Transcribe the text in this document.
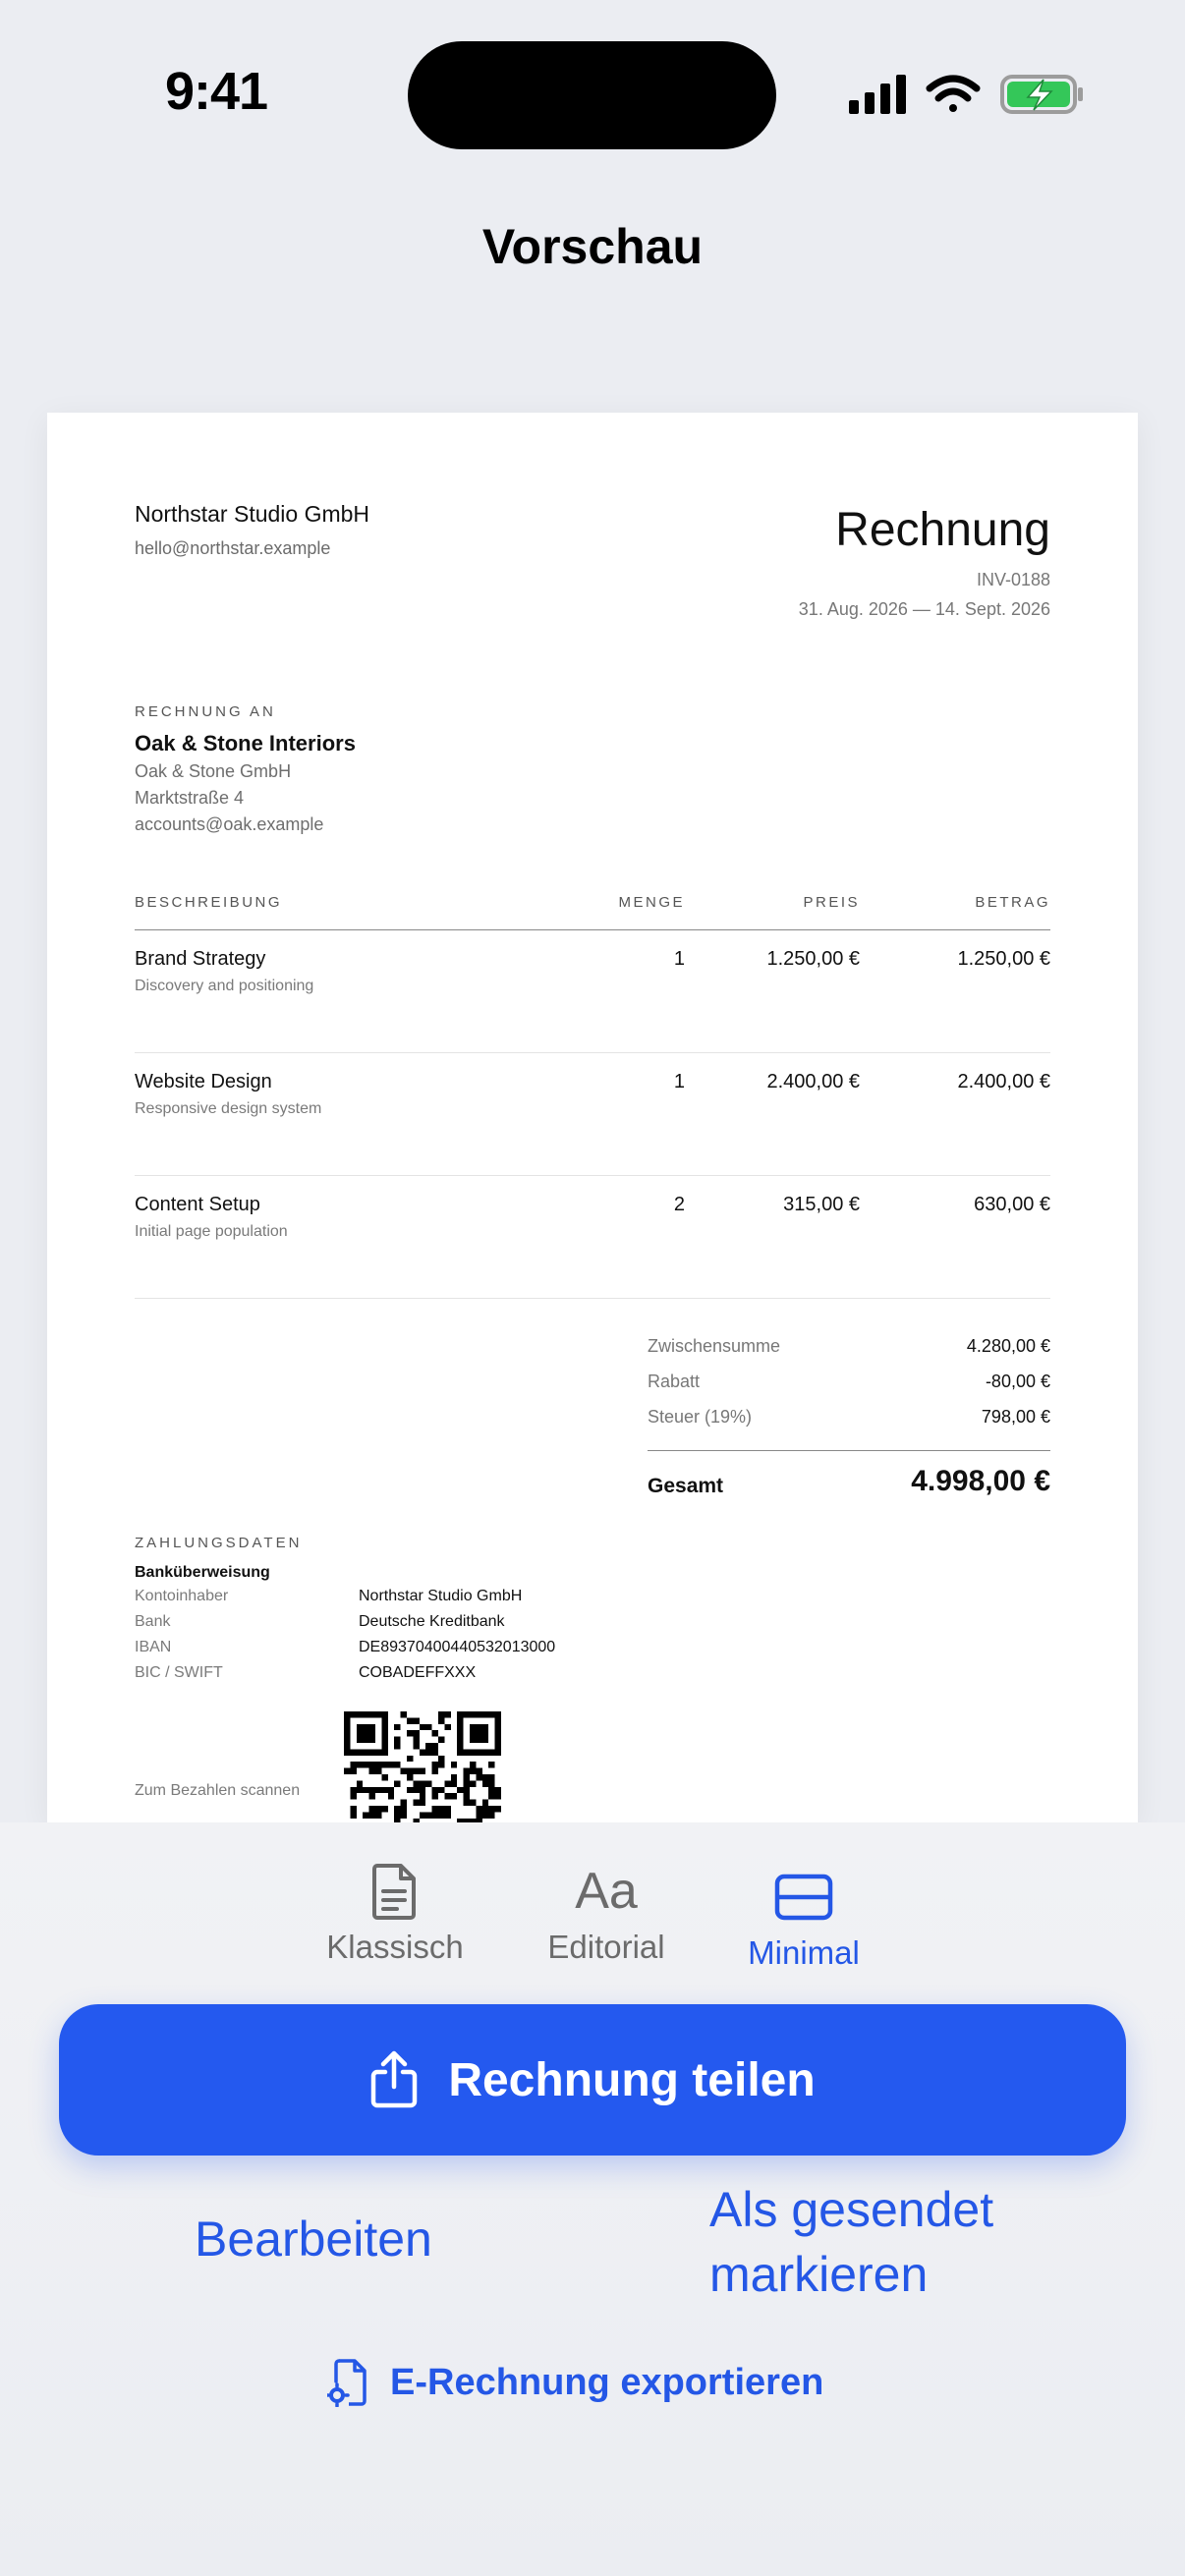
9:41
Vorschau
Northstar Studio GmbH
hello@northstar.example	Rechnung
INV-0188
31. Aug. 2026 — 14. Sept. 2026
RECHNUNG AN
Oak & Stone Interiors
Oak & Stone GmbH
Marktstraße 4
accounts@oak.example
BESCHREIBUNG	MENGE	PREIS	BETRAG
Brand Strategy
Discovery and positioning
1	1.250,00 €	1.250,00 €
Website Design
Responsive design system
1	2.400,00 €	2.400,00 €
Content Setup
Initial page population
2	315,00 €	630,00 €
Zwischensumme	4.280,00 €
Rabatt	-80,00 €
Steuer (19%)	798,00 €
Gesamt	4.998,00 €
ZAHLUNGSDATEN
Banküberweisung
Kontoinhaber	Northstar Studio GmbH
Bank	Deutsche Kreditbank
IBAN	DE89370400440532013000
BIC / SWIFT	COBADEFFXXX
Zum Bezahlen scannen
Klassisch
Aa
Editorial	Minimal
Rechnung teilen
Bearbeiten
Als gesendet markieren
E-Rechnung exportieren
